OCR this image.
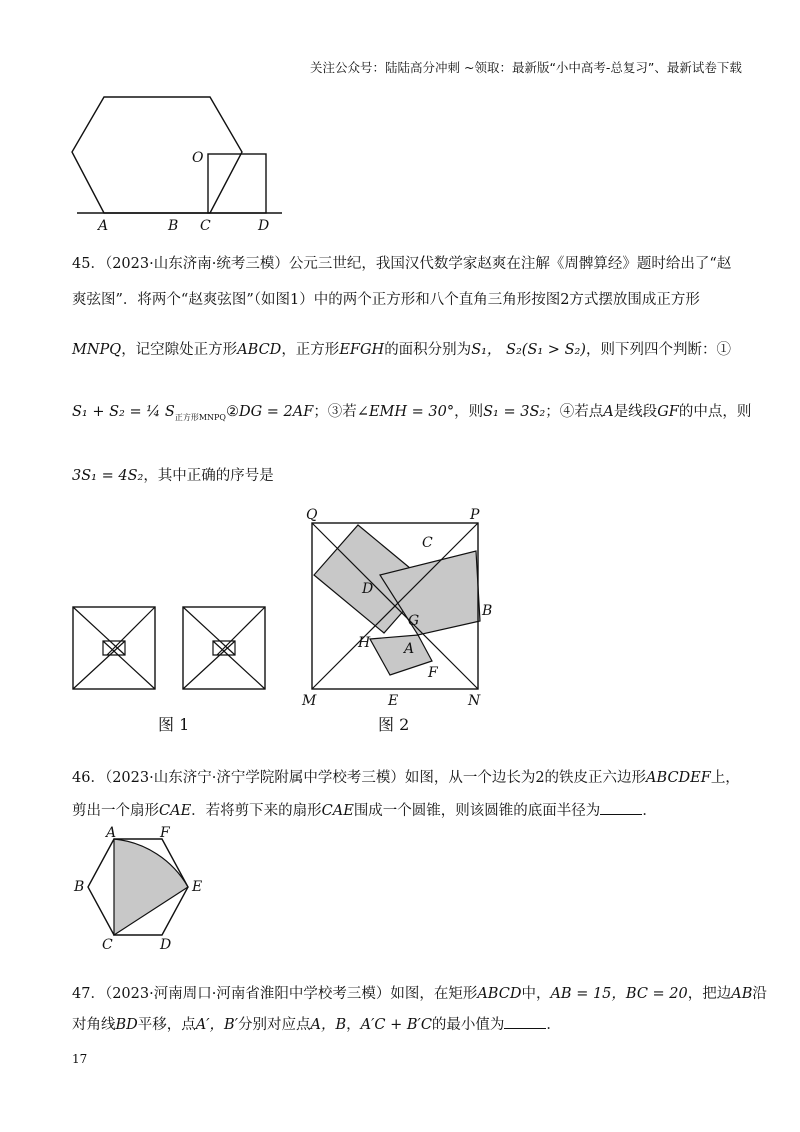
关注公众号：陆陆高分冲刺 ~领取：最新版“小中高考-总复习”、最新试卷下载
O
A	B C	D
45．（2023·山东济南·统考三模）公元三世纪，我国汉代数学家赵爽在注解《周髀算经》题时给出了“赵
爽弦图”．将两个“赵爽弦图”（如图1）中的两个正方形和八个直角三角形按图2方式摆放围成正方形
MNPQ，记空隙处正方形ABCD，正方形EFGH的面积分别为S₁， S₂(S₁ > S₂)，则下列四个判断：①
S₁ + S₂ = ¼ $S_{正方形MNPQ}②DG = 2AF$；③若∠EMH = 30°，则S₁ = 3S₂；④若点A是线段GF的中点，则
3S₁ = 4S₂，其中正确的序号是
图 1
Q	P
C
D
B
G
H A
F
M	E	N
图 2
46．（2023·山东济宁·济宁学院附属中学校考三模）如图，从一个边长为2的铁皮正六边形ABCDEF上，
剪出一个扇形CAE．若将剪下来的扇形CAE围成一个圆锥，则该圆锥的底面半径为	．
A	F
B	E
C	D
47．（2023·河南周口·河南省淮阳中学校考三模）如图，在矩形ABCD中，AB = 15，BC = 20，把边AB沿
对角线BD平移，点A′，B′分别对应点A，B，A′C + B′C的最小值为	．
17
